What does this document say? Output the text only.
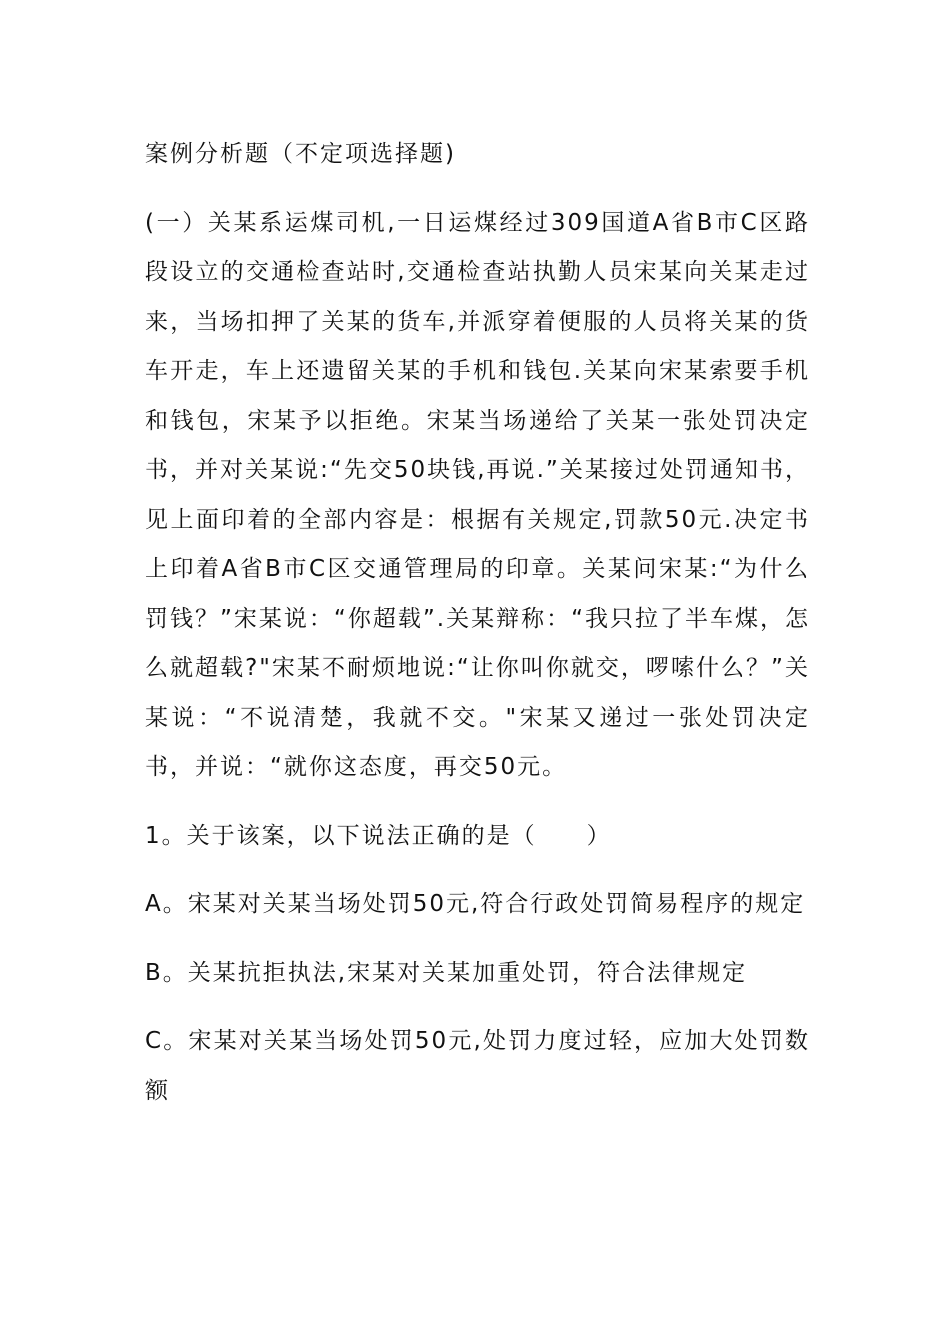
案例分析题（不定项选择题)

(一）关某系运煤司机,一日运煤经过309国道A省B市C区路段设立的交通检查站时,交通检查站执勤人员宋某向关某走过来，当场扣押了关某的货车,并派穿着便服的人员将关某的货车开走，车上还遗留关某的手机和钱包.关某向宋某索要手机和钱包，宋某予以拒绝。宋某当场递给了关某一张处罚决定书，并对关某说:“先交50块钱,再说.”关某接过处罚通知书，见上面印着的全部内容是：根据有关规定,罚款50元.决定书上印着A省B市C区交通管理局的印章。关某问宋某:“为什么罚钱？”宋某说：“你超载”.关某辩称：“我只拉了半车煤，怎么就超载?"宋某不耐烦地说:“让你叫你就交，啰嗦什么？”关某说：“不说清楚，我就不交。"宋某又递过一张处罚决定书，并说：“就你这态度，再交50元。

1。关于该案，以下说法正确的是（　　）

A。宋某对关某当场处罚50元,符合行政处罚简易程序的规定

B。关某抗拒执法,宋某对关某加重处罚，符合法律规定

C。宋某对关某当场处罚50元,处罚力度过轻，应加大处罚数额
